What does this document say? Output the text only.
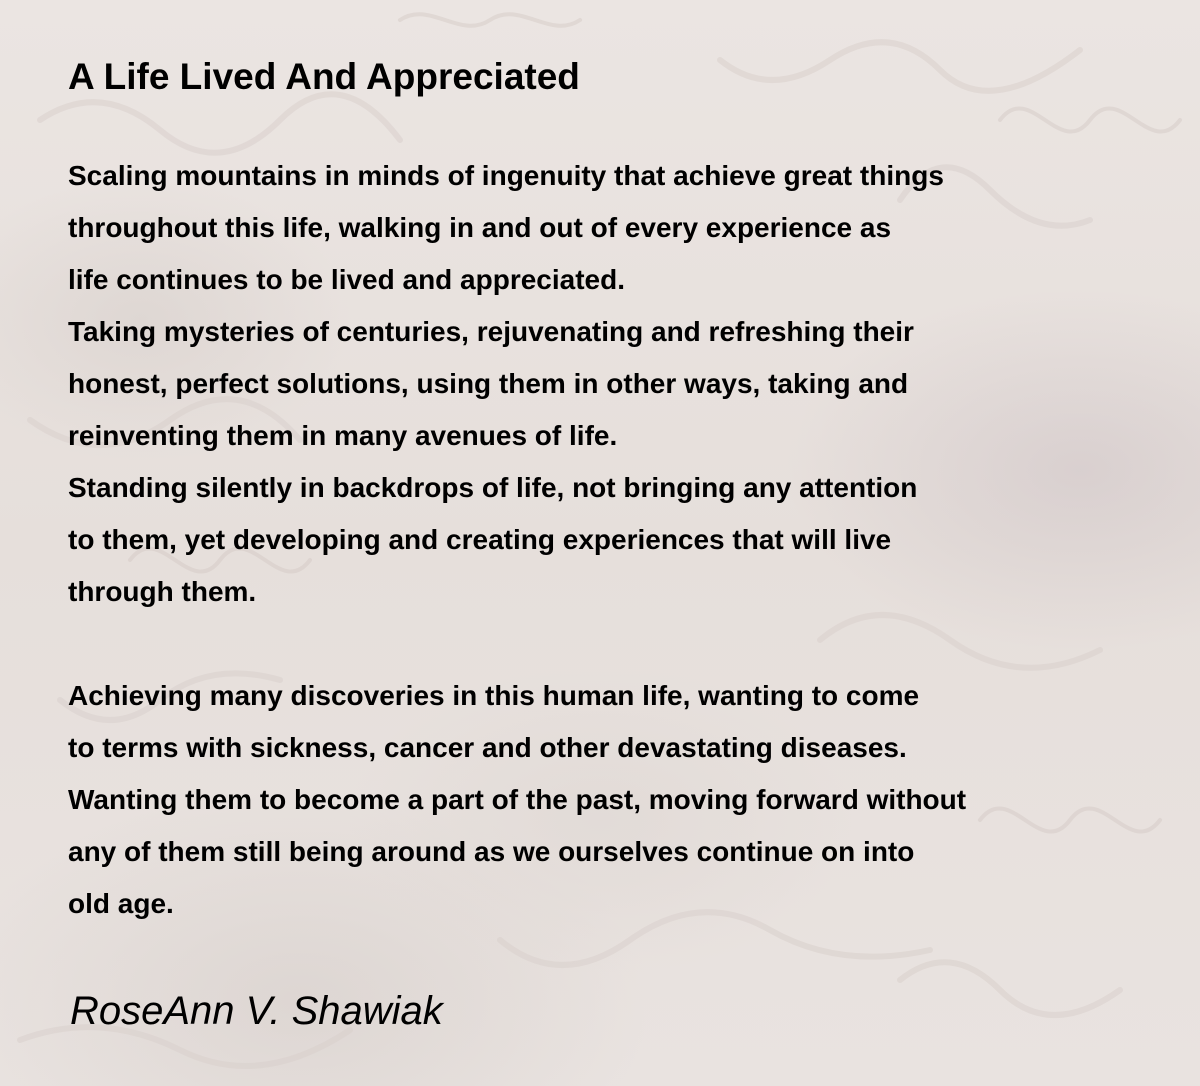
A Life Lived And Appreciated

Scaling mountains in minds of ingenuity that achieve great things
throughout this life, walking in and out of every experience as
life continues to be lived and appreciated.
Taking mysteries of centuries, rejuvenating and refreshing their
honest, perfect solutions, using them in other ways, taking and
reinventing them in many avenues of life.
Standing silently in backdrops of life, not bringing any attention
to them, yet developing and creating experiences that will live
through them.

Achieving many discoveries in this human life, wanting to come
to terms with sickness, cancer and other devastating diseases.
Wanting them to become a part of the past, moving forward without
any of them still being around as we ourselves continue on into
old age.

RoseAnn V. Shawiak
